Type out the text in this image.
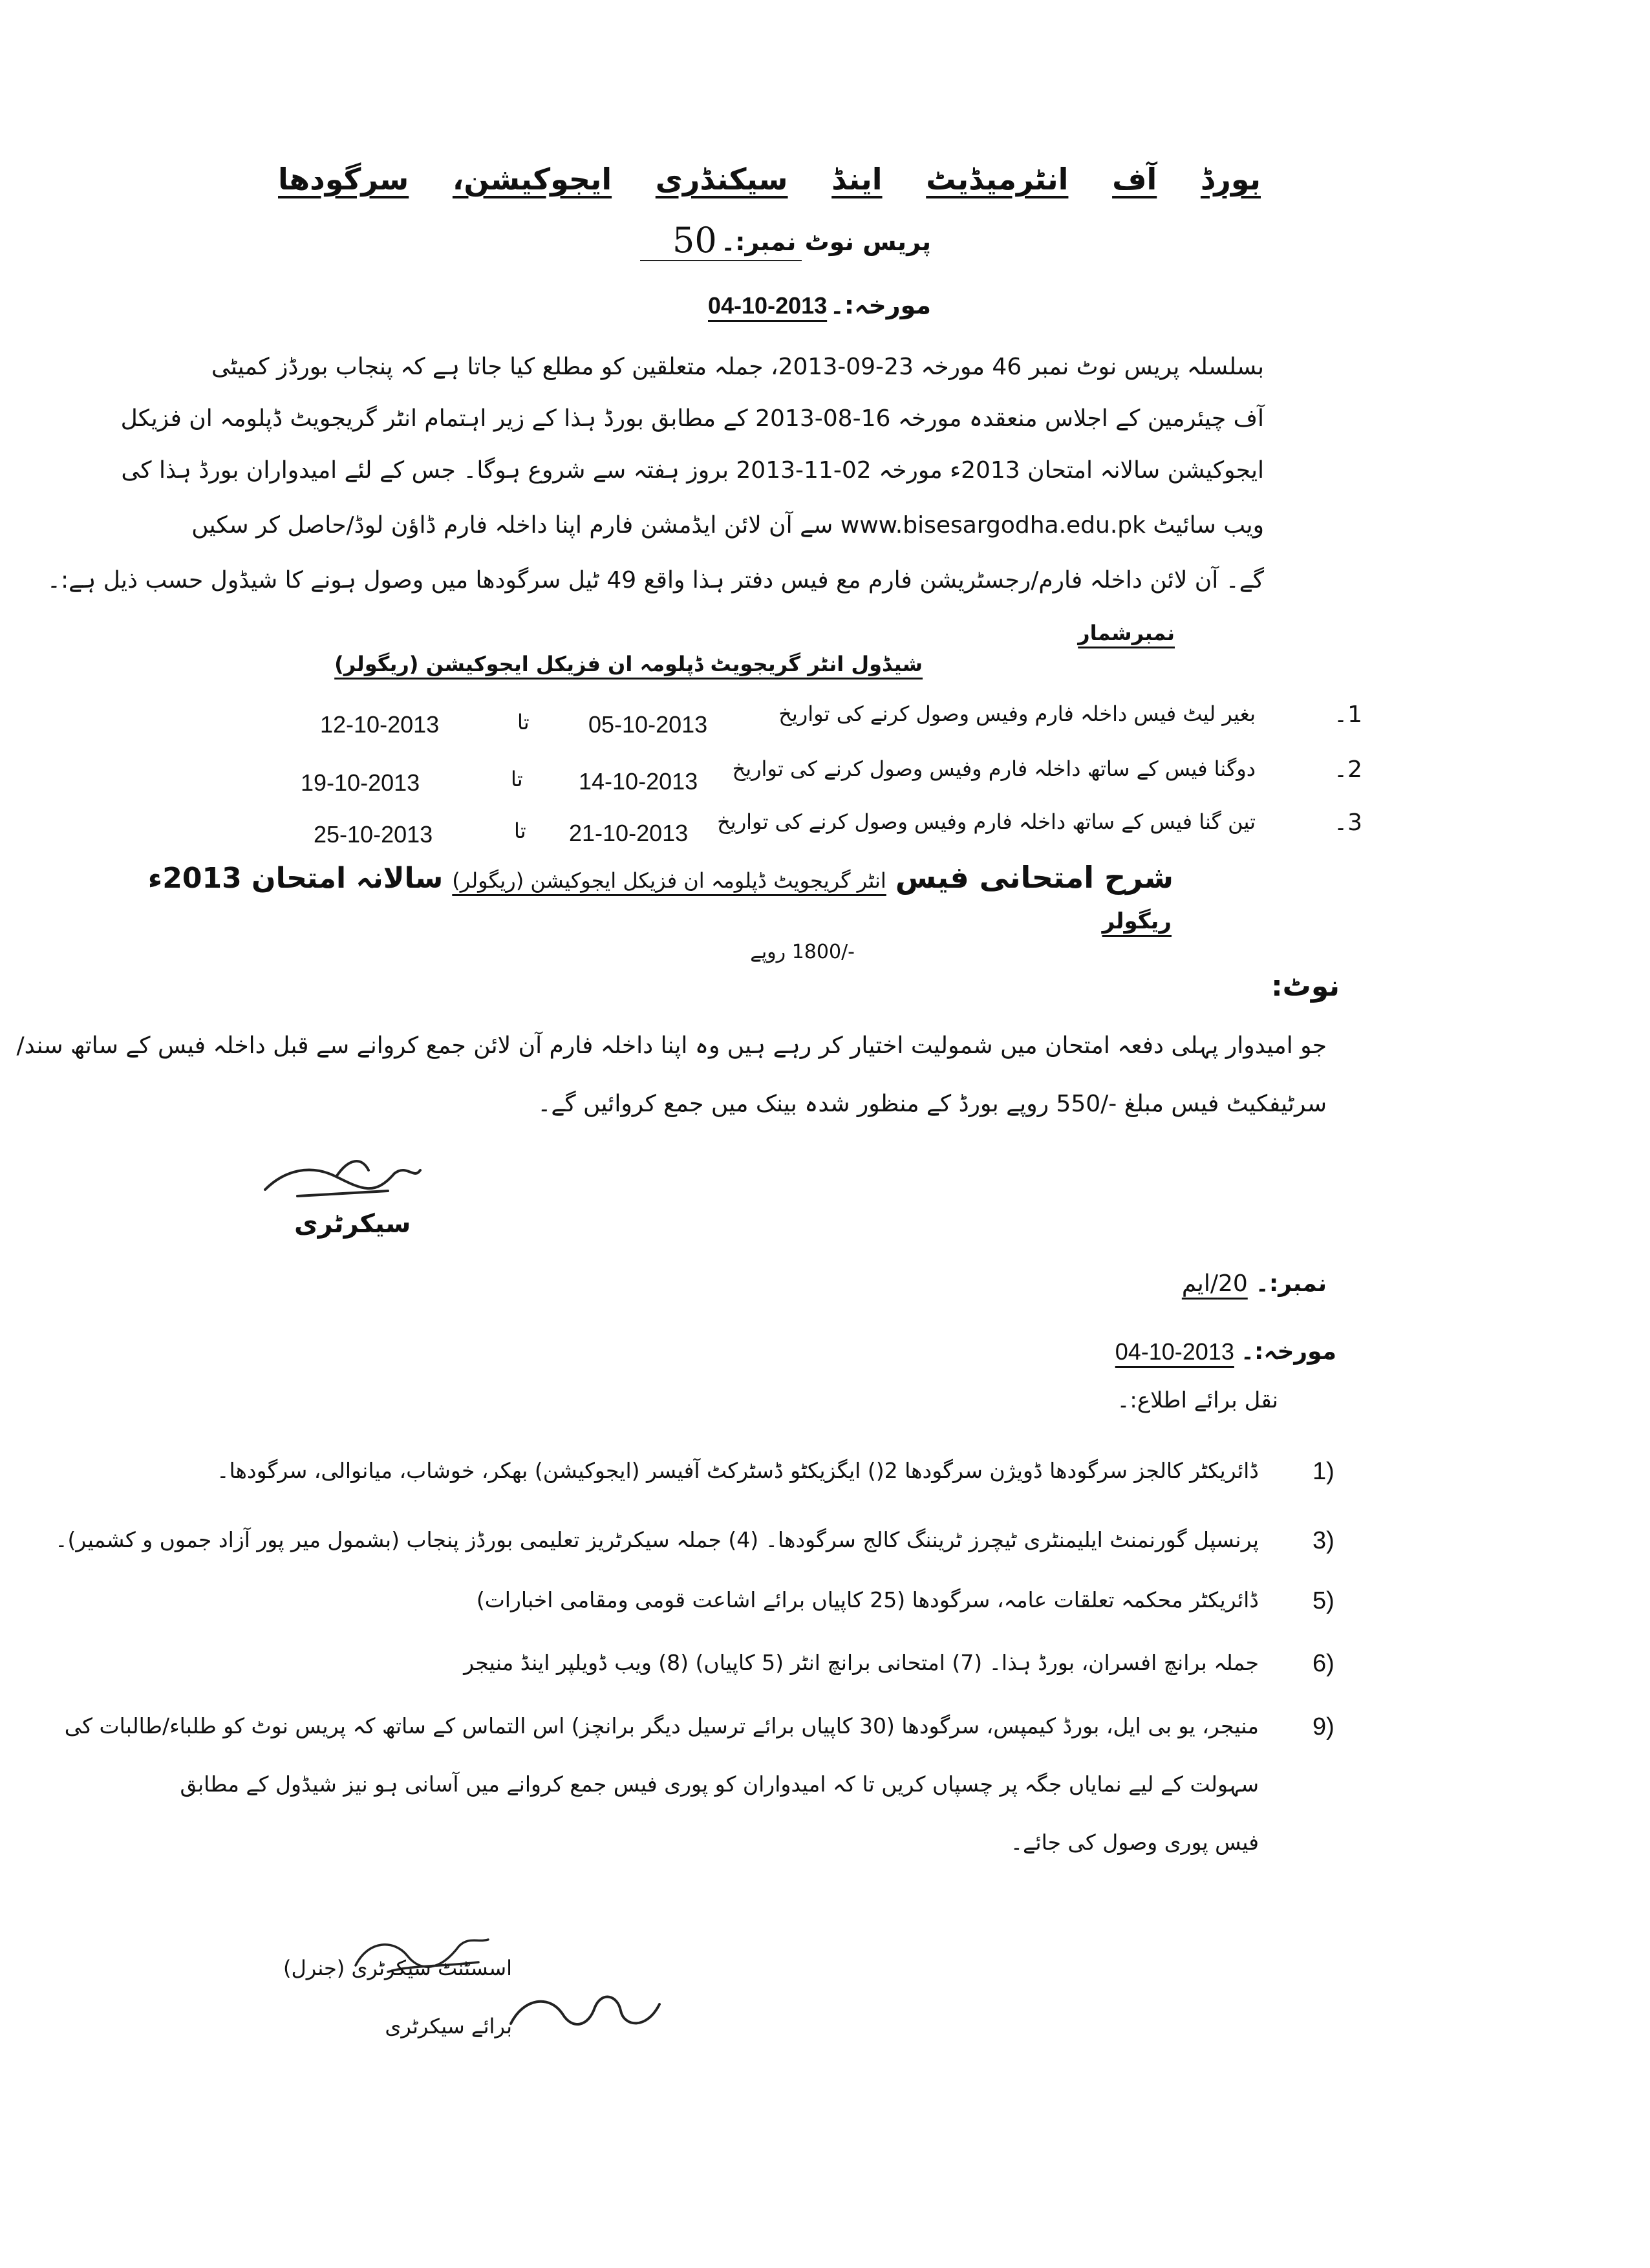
بورڈ
آف
انٹرمیڈیٹ
اینڈ
سیکنڈری
ایجوکیشن،
سرگودھا
پریس نوٹ نمبر:۔
50
مورخہ:۔
04-10-2013
بسلسلہ پریس نوٹ نمبر 46 مورخہ 23-09-2013، جملہ متعلقین کو مطلع کیا جاتا ہے کہ پنجاب بورڈز کمیٹی
آف چیئرمین کے اجلاس منعقدہ مورخہ 16-08-2013 کے مطابق بورڈ ہذا کے زیر اہتمام انٹر گریجویٹ ڈپلومہ ان فزیکل
ایجوکیشن سالانہ امتحان 2013ء مورخہ 02-11-2013 بروز ہفتہ سے شروع ہوگا۔ جس کے لئے امیدواران بورڈ ہذا کی
ویب سائیٹ www.bisesargodha.edu.pk سے آن لائن ایڈمشن فارم اپنا داخلہ فارم ڈاؤن لوڈ/حاصل کر سکیں
گے۔ آن لائن داخلہ فارم/رجسٹریشن فارم مع فیس دفتر ہذا واقع 49 ٹیل سرگودھا میں وصول ہونے کا شیڈول حسب ذیل ہے:۔
نمبرشمار
شیڈول انٹر گریجویٹ ڈپلومہ ان فزیکل ایجوکیشن (ریگولر)
1۔
بغیر لیٹ فیس داخلہ فارم وفیس وصول کرنے کی تواریخ
05-10-2013
تا
12-10-2013
2۔
دوگنا فیس کے ساتھ داخلہ فارم وفیس وصول کرنے کی تواریخ
14-10-2013
تا
19-10-2013
3۔
تین گنا فیس کے ساتھ داخلہ فارم وفیس وصول کرنے کی تواریخ
21-10-2013
تا
25-10-2013
شرح امتحانی فیس
انٹر گریجویٹ ڈپلومہ ان فزیکل ایجوکیشن (ریگولر)
سالانہ امتحان 2013ء
ریگولر
-/1800 روپے
نوٹ:
جو امیدوار پہلی دفعہ امتحان میں شمولیت اختیار کر رہے ہیں وہ اپنا داخلہ فارم آن لائن جمع کروانے سے قبل داخلہ فیس کے ساتھ سند/
سرٹیفکیٹ فیس مبلغ -/550 روپے بورڈ کے منظور شدہ بینک میں جمع کروائیں گے۔
سیکرٹری
نمبر:۔
20/ایم
مورخہ:۔
04-10-2013
نقل برائے اطلاع:۔
1)
ڈائریکٹر کالجز سرگودھا ڈویژن سرگودھا 2() ایگزیکٹو ڈسٹرکٹ آفیسر (ایجوکیشن) بھکر، خوشاب، میانوالی، سرگودھا۔
3)
پرنسپل گورنمنٹ ایلیمنٹری ٹیچرز ٹریننگ کالج سرگودھا۔ (4) جملہ سیکرٹریز تعلیمی بورڈز پنجاب (بشمول میر پور آزاد جموں و کشمیر)۔
5)
ڈائریکٹر محکمہ تعلقات عامہ، سرگودھا (25 کاپیاں برائے اشاعت قومی ومقامی اخبارات)
6)
جملہ برانچ افسران، بورڈ ہذا۔ (7) امتحانی برانچ انٹر (5 کاپیاں) (8) ویب ڈویلپر اینڈ منیجر
9)
منیجر، یو بی ایل، بورڈ کیمپس، سرگودھا (30 کاپیاں برائے ترسیل دیگر برانچز) اس التماس کے ساتھ کہ پریس نوٹ کو طلباء/طالبات کی
سہولت کے لیے نمایاں جگہ پر چسپاں کریں تا کہ امیدواران کو پوری فیس جمع کروانے میں آسانی ہو نیز شیڈول کے مطابق
فیس پوری وصول کی جائے۔
اسسٹنٹ سیکرٹری (جنرل)
برائے سیکرٹری
